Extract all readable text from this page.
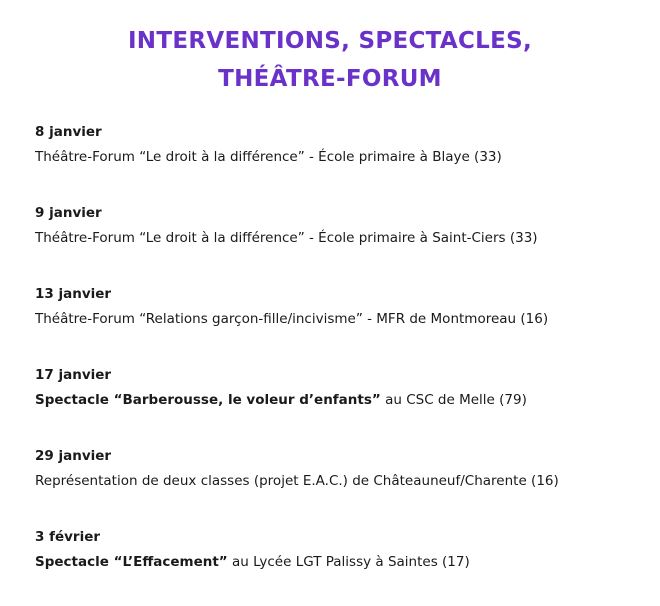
INTERVENTIONS, SPECTACLES,
THÉÂTRE-FORUM
8 janvier
Théâtre-Forum “Le droit à la différence” - École primaire à Blaye (33)
9 janvier
Théâtre-Forum “Le droit à la différence” - École primaire à Saint-Ciers (33)
13 janvier
Théâtre-Forum “Relations garçon-fille/incivisme” - MFR de Montmoreau (16)
17 janvier
Spectacle “Barberousse, le voleur d’enfants” au CSC de Melle (79)
29 janvier
Représentation de deux classes (projet E.A.C.) de Châteauneuf/Charente (16)
3 février
Spectacle “L’Effacement” au Lycée LGT Palissy à Saintes (17)
